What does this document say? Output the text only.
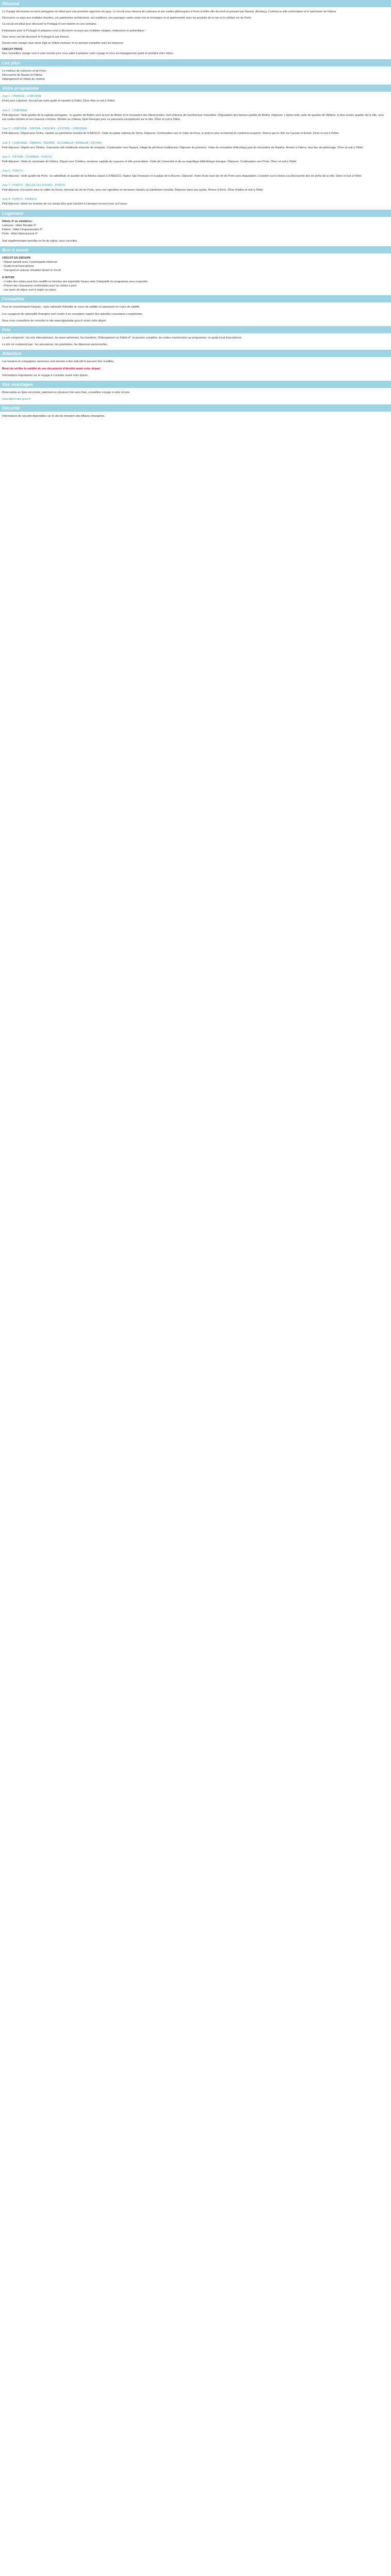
Résumé

Le Voyage découverte en terre portugaise est idéal pour une première approche du pays. Le circuit vous mènera de Lisbonne et ses ruelles pittoresques à Porto la belle ville du nord en passant par Nazaré, Alcobaça, Coimbra la ville universitaire et le sanctuaire de Fátima.

Découvrez ce pays aux multiples facettes, son patrimoine architectural, ses traditions, ses paysages variés entre mer et montagne et sa gastronomie avec les produits de la mer et le célèbre vin de Porto.

Ce circuit est idéal pour découvrir le Portugal et son histoire en une semaine.

Embarquez pour le Portugal et préparez-vous à découvrir un pays aux multiples visages, chaleureux et authentique !

Vous serez ravi de découvrir le Portugal et ses trésors.

Durant votre voyage vous serez logé en hôtels centraux et en pension complète avec les boissons.

CIRCUIT PRIVÉ

Nos conseillers voyage sont à votre écoute pour vous aider à préparer votre voyage et vous accompagneront avant et pendant votre séjour.

Les plus

Le meilleur de Lisbonne et de Porto

Découverte de Nazaré et Fátima

Hébergement en hôtels de charme

Votre programme

Jour 1 : FRANCE - LISBONNE

Envol pour Lisbonne. Accueil par votre guide et transfert à l'hôtel. Dîner libre et nuit à l'hôtel.

Jour 2 : LISBONNE

Petit déjeuner. Visite guidée de la capitale portugaise : le quartier de Belém avec la tour de Belém et le monastère des Hiéronymites, chef-d'œuvre de l'architecture manuéline. Dégustation des fameux pastéis de Belém. Déjeuner. L'après-midi, visite du quartier de l'Alfama, le plus ancien quartier de la ville, avec ses ruelles étroites et ses maisons colorées. Montée au château Saint-Georges pour un panorama exceptionnel sur la ville. Dîner et nuit à l'hôtel.

Jour 3 : LISBONNE - SINTRA - CASCAIS - ESTORIL - LISBONNE

Petit déjeuner. Départ pour Sintra, classée au patrimoine mondial de l'UNESCO. Visite du palais national de Sintra. Déjeuner. Continuation vers le Cabo da Roca, le point le plus occidental du continent européen. Retour par la côte via Cascais et Estoril. Dîner et nuit à l'hôtel.

Jour 4 : LISBONNE - ÓBIDOS - NAZARÉ - ALCOBAÇA - BATALHA - FÁTIMA

Petit déjeuner. Départ vers Óbidos, charmante cité médiévale entourée de remparts. Continuation vers Nazaré, village de pêcheurs traditionnel. Déjeuner de poissons. Visite du monastère d'Alcobaça puis du monastère de Batalha. Arrivée à Fátima, haut lieu de pèlerinage. Dîner et nuit à l'hôtel.

Jour 5 : FÁTIMA - COIMBRA - PORTO

Petit déjeuner. Visite du sanctuaire de Fátima. Départ vers Coimbra, ancienne capitale du royaume et ville universitaire. Visite de l'université et de sa magnifique bibliothèque baroque. Déjeuner. Continuation vers Porto. Dîner et nuit à l'hôtel.

Jour 6 : PORTO

Petit déjeuner. Visite guidée de Porto : la cathédrale, le quartier de la Ribeira classé à l'UNESCO, l'église São Francisco et le palais de la Bourse. Déjeuner. Visite d'une cave de vin de Porto avec dégustation. Croisière sur le Douro à la découverte des six ponts de la ville. Dîner et nuit à l'hôtel.

Jour 7 : PORTO - VALLÉE DU DOURO - PORTO

Petit déjeuner. Excursion dans la vallée du Douro, berceau du vin de Porto, avec ses vignobles en terrasses classés au patrimoine mondial. Déjeuner dans une quinta. Retour à Porto. Dîner d'adieu et nuit à l'hôtel.

Jour 8 : PORTO - FRANCE

Petit déjeuner. Selon les horaires de vol, temps libre puis transfert à l'aéroport et envol pour la France.

Logement

Hôtels 4* ou similaires :

Lisbonne : Hôtel Mundial 4*

Fátima : Hôtel Cinquentenário 4*

Porto : Hôtel Internacional 4*

Nuit supplémentaire possible en fin de séjour, nous consulter.

Bon à savoir

CIRCUIT EN GROUPE

- Départ garanti avec 2 participants minimum

- Guide local francophone

- Transport en autocar climatisé durant le circuit

A NOTER

- L'ordre des visites peut être modifié en fonction des impératifs locaux mais l'intégralité du programme sera respectée

- Prévoir des chaussures confortables pour les visites à pied

- Les taxes de séjour sont à régler sur place

Formalités

Pour les ressortissants français : carte nationale d'identité en cours de validité ou passeport en cours de validité.

Les voyageurs de nationalité étrangère sont invités à se renseigner auprès des autorités consulaires compétentes.

Nous vous conseillons de consulter le site www.diplomatie.gouv.fr avant votre départ.

Prix

Le prix comprend : les vols internationaux, les taxes aériennes, les transferts, l'hébergement en hôtels 4*, la pension complète, les visites mentionnées au programme, un guide local francophone.

Le prix ne comprend pas : les assurances, les pourboires, les dépenses personnelles.

Attention

Les horaires et compagnies aériennes sont donnés à titre indicatif et peuvent être modifiés.

Merci de vérifier la validité de vos documents d'identité avant votre départ.

Informations importantes sur le voyage à consulter avant votre départ.

Vos avantages

Réservation en ligne sécurisée, paiement en plusieurs fois sans frais, conseillers voyage à votre écoute.

www.diplomatie.gouv.fr

Sécurité

Informations de sécurité disponibles sur le site du ministère des Affaires étrangères.
